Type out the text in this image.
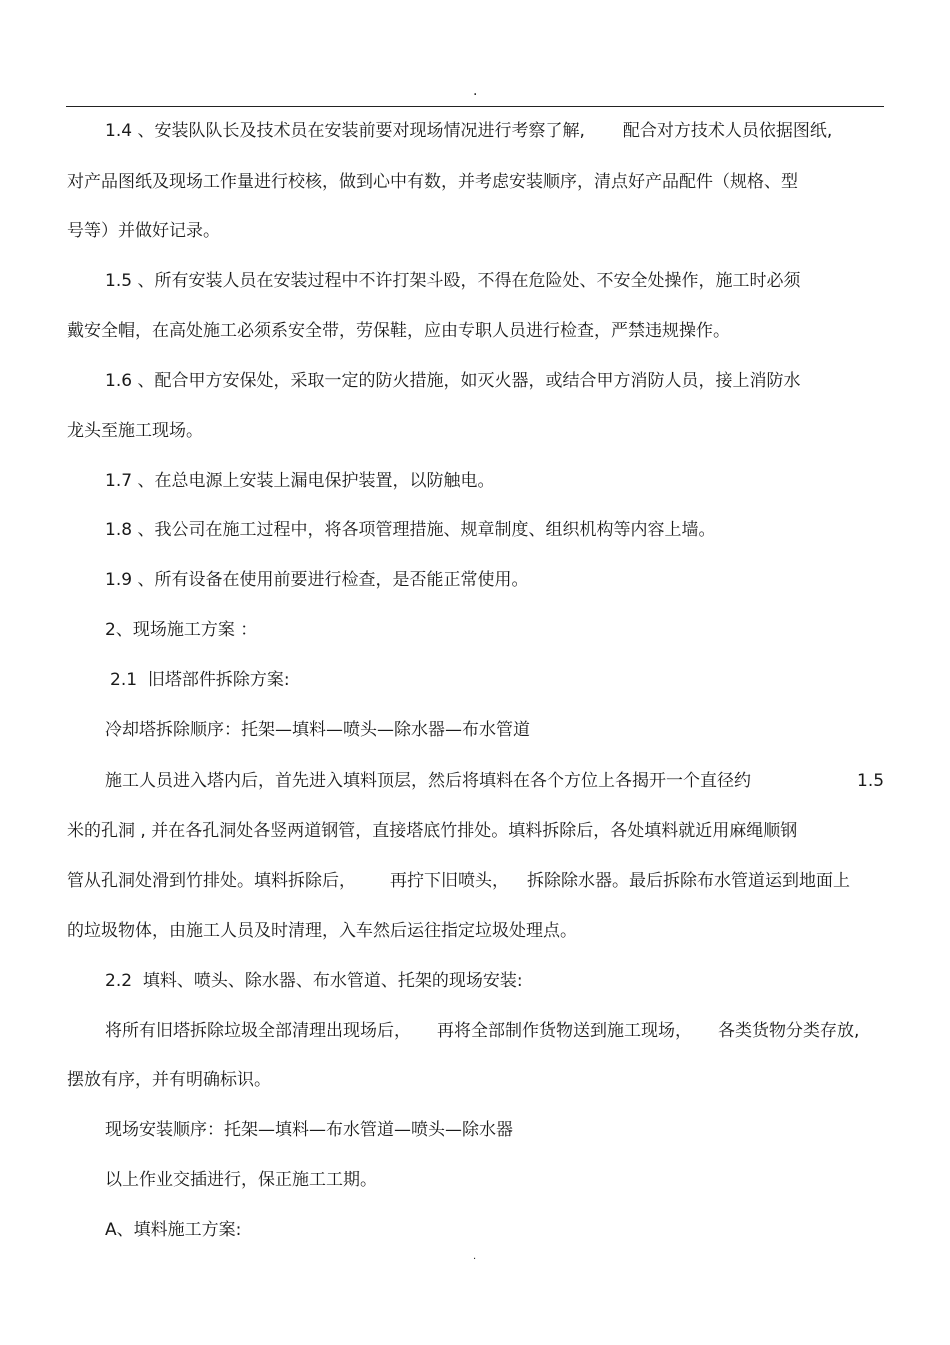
.
1.4 、安装队队长及技术员在安装前要对现场情况进行考察了解, 配合对方技术人员依据图纸,
对产品图纸及现场工作量进行校核，做到心中有数，并考虑安装顺序，清点好产品配件（规格、型
号等）并做好记录。
1.5 、所有安装人员在安装过程中不许打架斗殴，不得在危险处、不安全处操作，施工时必须
戴安全帽，在高处施工必须系安全带，劳保鞋，应由专职人员进行检查，严禁违规操作。
1.6 、配合甲方安保处，采取一定的防火措施，如灭火器，或结合甲方消防人员，接上消防水
龙头至施工现场。
1.7 、在总电源上安装上漏电保护装置，以防触电。
1.8 、我公司在施工过程中，将各项管理措施、规章制度、组织机构等内容上墙。
1.9 、所有设备在使用前要进行检查，是否能正常使用。
2、现场施工方案 ：
2.1  旧塔部件拆除方案:
冷却塔拆除顺序：托架—填料—喷头—除水器—布水管道
施工人员进入塔内后，首先进入填料顶层，然后将填料在各个方位上各揭开一个直径约	1.5
米的孔洞 , 并在各孔洞处各竖两道钢管，直接塔底竹排处。填料拆除后，各处填料就近用麻绳顺钢
管从孔洞处滑到竹排处。填料拆除后， 再拧下旧喷头， 拆除除水器。最后拆除布水管道运到地面上
的垃圾物体，由施工人员及时清理，入车然后运往指定垃圾处理点。
2.2  填料、喷头、除水器、布水管道、托架的现场安装:
将所有旧塔拆除垃圾全部清理出现场后， 再将全部制作货物送到施工现场， 各类货物分类存放,
摆放有序，并有明确标识。
现场安装顺序：托架—填料—布水管道—喷头—除水器
以上作业交插进行，保正施工工期。
A、填料施工方案:
.
